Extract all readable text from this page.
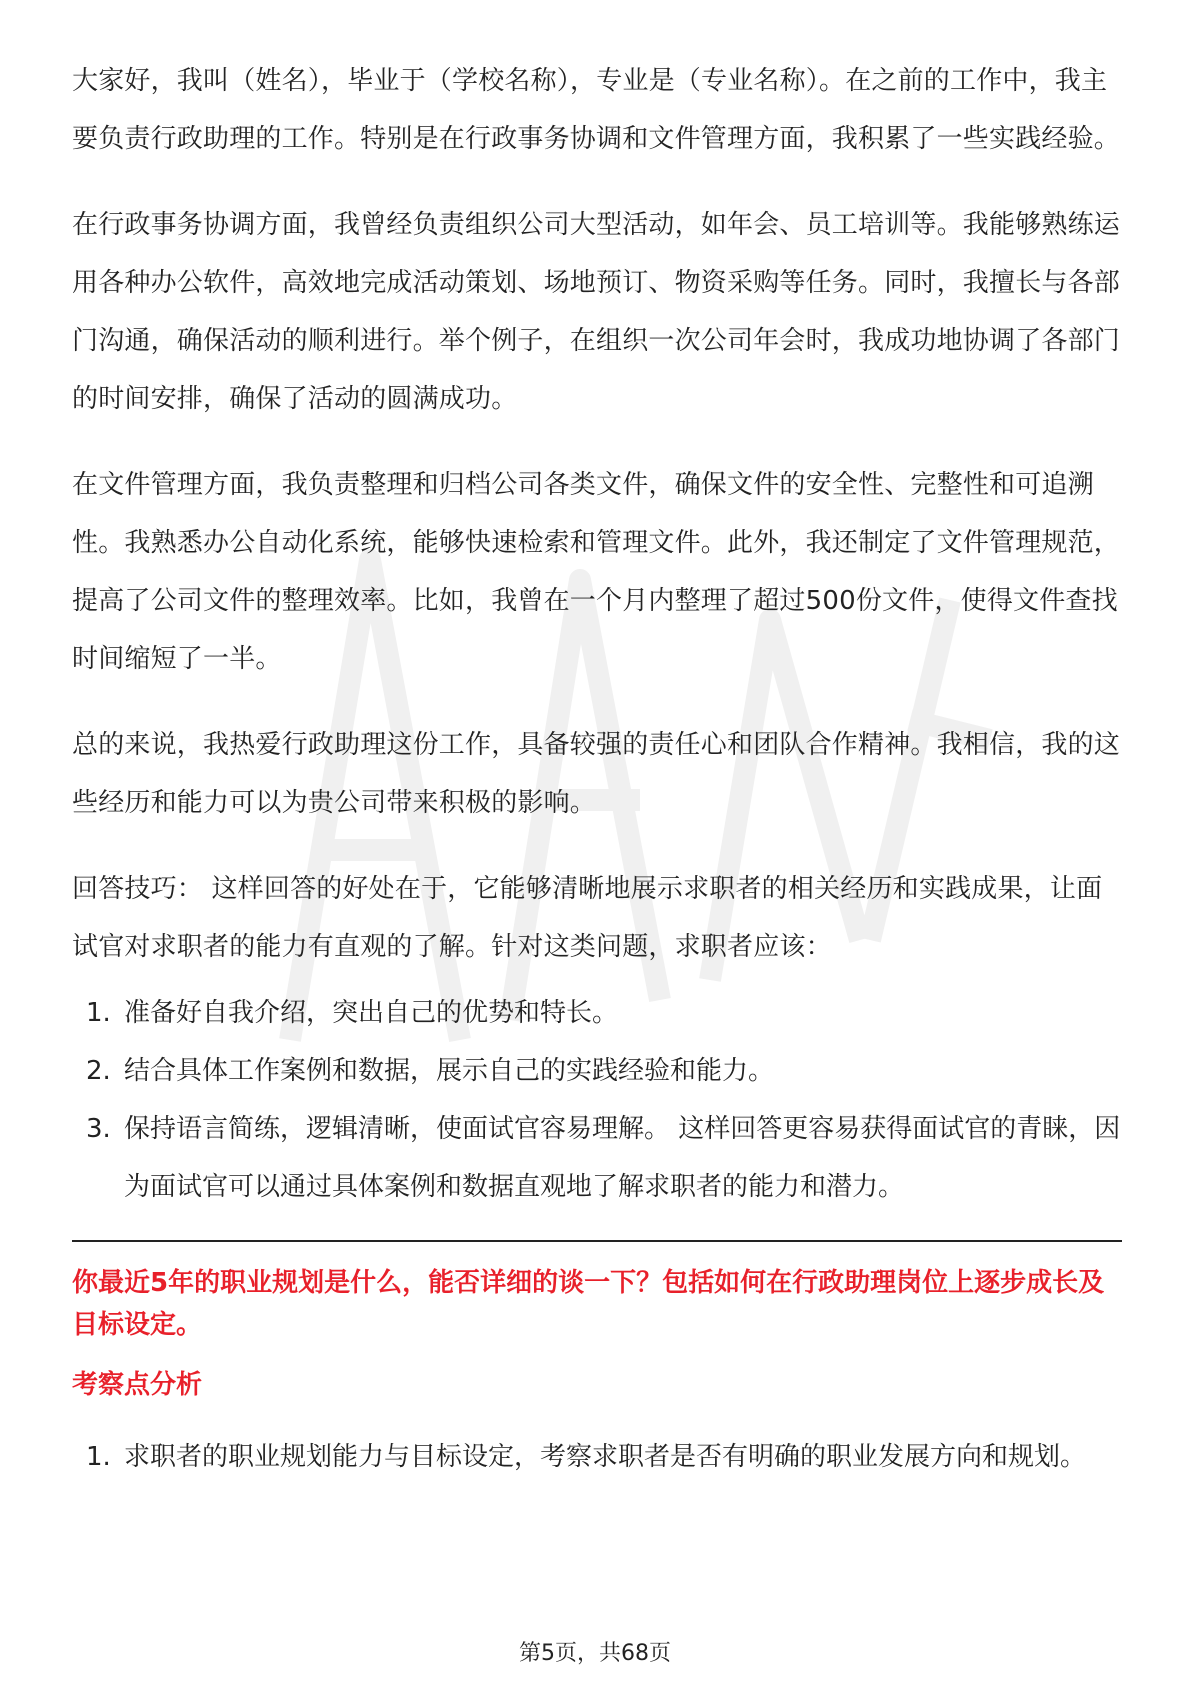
大家好，我叫（姓名），毕业于（学校名称），专业是（专业名称）。在之前的工作中，我主要负责行政助理的工作。特别是在行政事务协调和文件管理方面，我积累了一些实践经验。

在行政事务协调方面，我曾经负责组织公司大型活动，如年会、员工培训等。我能够熟练运用各种办公软件，高效地完成活动策划、场地预订、物资采购等任务。同时，我擅长与各部门沟通，确保活动的顺利进行。举个例子，在组织一次公司年会时，我成功地协调了各部门的时间安排，确保了活动的圆满成功。

在文件管理方面，我负责整理和归档公司各类文件，确保文件的安全性、完整性和可追溯性。我熟悉办公自动化系统，能够快速检索和管理文件。此外，我还制定了文件管理规范，提高了公司文件的整理效率。比如，我曾在一个月内整理了超过500份文件，使得文件查找时间缩短了一半。

总的来说，我热爱行政助理这份工作，具备较强的责任心和团队合作精神。我相信，我的这些经历和能力可以为贵公司带来积极的影响。

回答技巧： 这样回答的好处在于，它能够清晰地展示求职者的相关经历和实践成果，让面试官对求职者的能力有直观的了解。针对这类问题，求职者应该：

1. 准备好自我介绍，突出自己的优势和特长。
2. 结合具体工作案例和数据，展示自己的实践经验和能力。
3. 保持语言简练，逻辑清晰，使面试官容易理解。 这样回答更容易获得面试官的青睐，因为面试官可以通过具体案例和数据直观地了解求职者的能力和潜力。

你最近5年的职业规划是什么，能否详细的谈一下？包括如何在行政助理岗位上逐步成长及目标设定。

考察点分析

1. 求职者的职业规划能力与目标设定，考察求职者是否有明确的职业发展方向和规划。
第5页，共68页
